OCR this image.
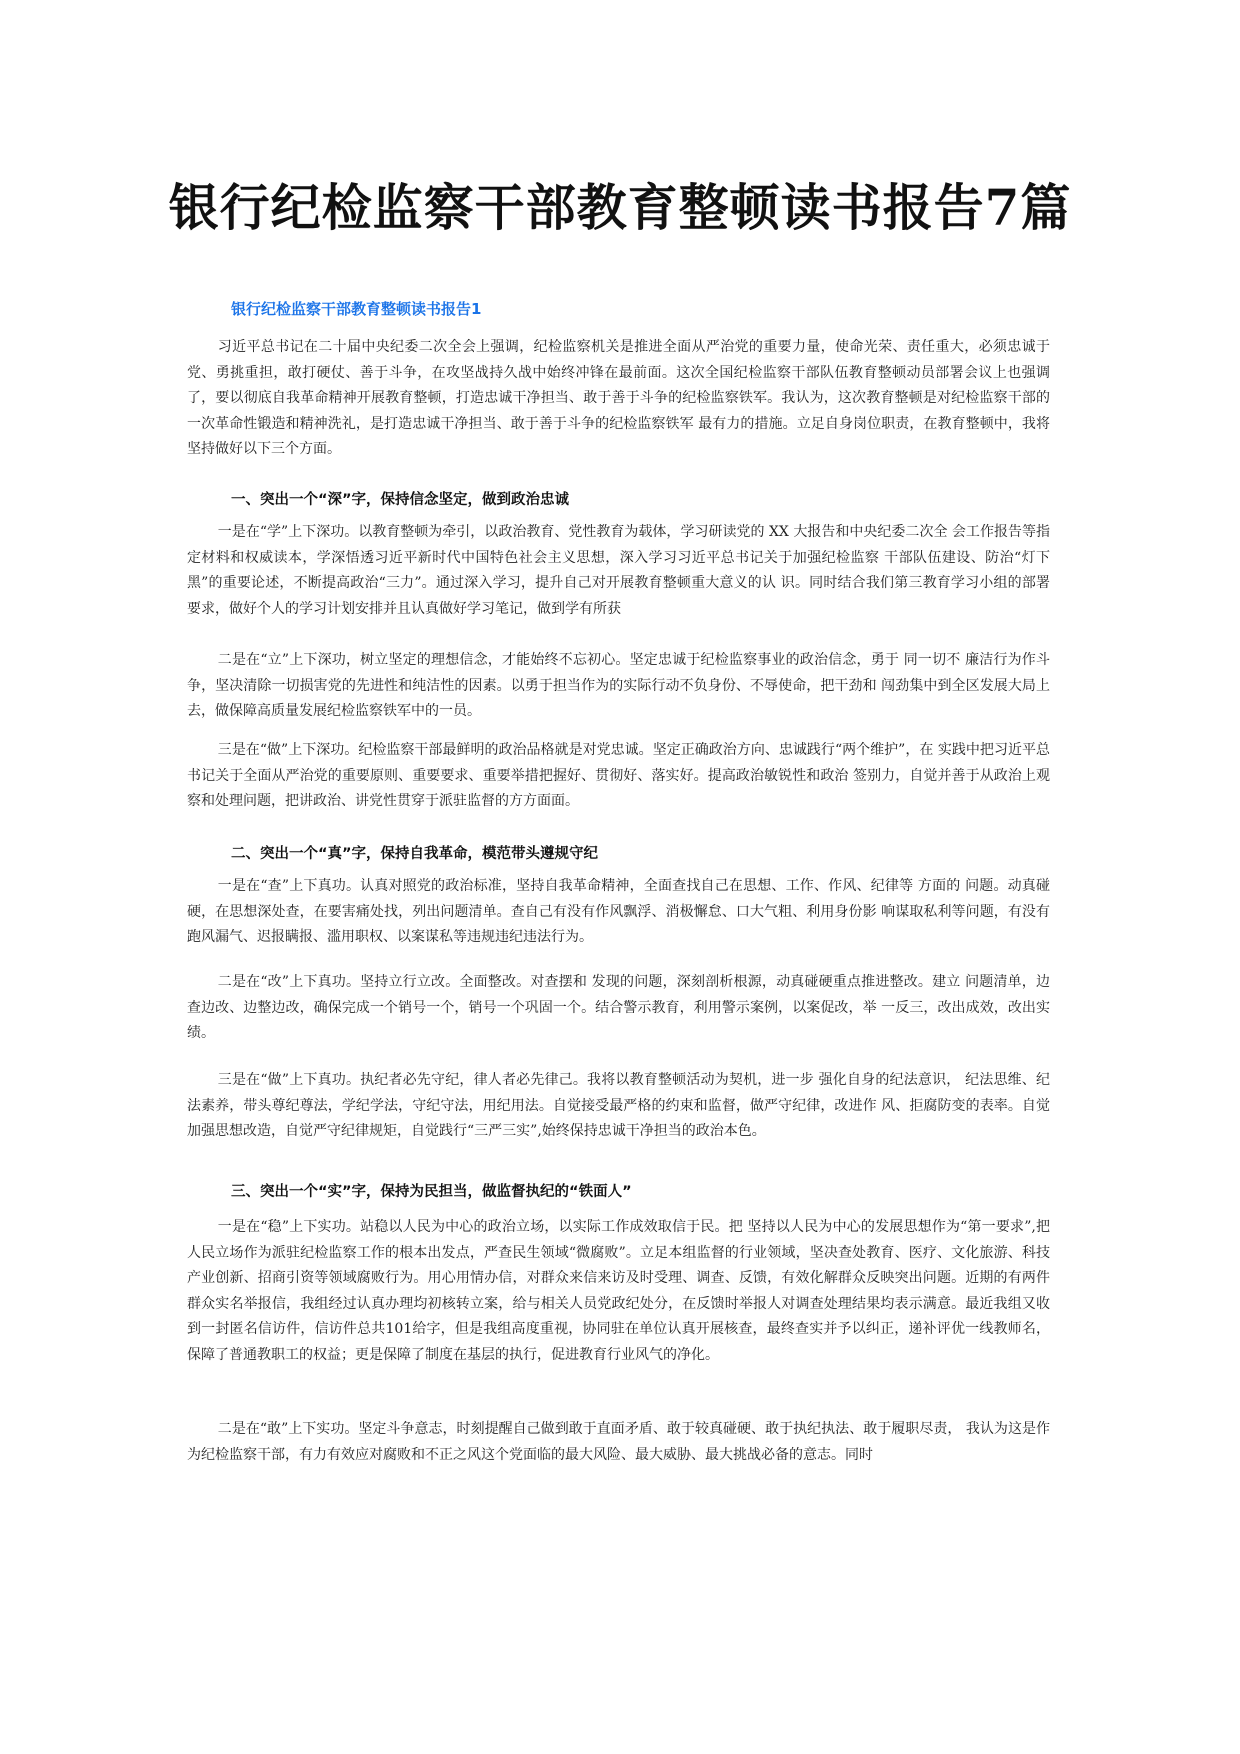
银行纪检监察干部教育整顿读书报告7篇
银行纪检监察干部教育整顿读书报告1

习近平总书记在二十届中央纪委二次全会上强调，纪检监察机关是推进全面从严治党的重要力量，使命光荣、责任重大，必须忠诚于党、勇挑重担，敢打硬仗、善于斗争，在攻坚战持久战中始终冲锋在最前面。这次全国纪检监察干部队伍教育整顿动员部署会议上也强调了，要以彻底自我革命精神开展教育整顿，打造忠诚干净担当、敢于善于斗争的纪检监察铁军。我认为，这次教育整顿是对纪检监察干部的一次革命性锻造和精神洗礼，是打造忠诚干净担当、敢于善于斗争的纪检监察铁军 最有力的措施。立足自身岗位职责，在教育整顿中，我将坚持做好以下三个方面。

一、突出一个“深”字，保持信念坚定，做到政治忠诚

一是在“学”上下深功。以教育整顿为牵引，以政治教育、党性教育为载体，学习研读党的 XX 大报告和中央纪委二次全 会工作报告等指定材料和权威读本，学深悟透习近平新时代中国特色社会主义思想，深入学习习近平总书记关于加强纪检监察 干部队伍建设、防治“灯下黑”的重要论述，不断提高政治“三力”。通过深入学习，提升自己对开展教育整顿重大意义的认 识。同时结合我们第三教育学习小组的部署要求，做好个人的学习计划安排并且认真做好学习笔记，做到学有所获

二是在“立”上下深功，树立坚定的理想信念，才能始终不忘初心。坚定忠诚于纪检监察事业的政治信念，勇于 同一切不 廉洁行为作斗争，坚决清除一切损害党的先进性和纯洁性的因素。以勇于担当作为的实际行动不负身份、不辱使命，把干劲和 闯劲集中到全区发展大局上去，做保障高质量发展纪检监察铁军中的一员。

三是在“做”上下深功。纪检监察干部最鲜明的政治品格就是对党忠诚。坚定正确政治方向、忠诚践行“两个维护”，在 实践中把习近平总书记关于全面从严治党的重要原则、重要要求、重要举措把握好、贯彻好、落实好。提高政治敏锐性和政治 签别力，自觉并善于从政治上观察和处理问题，把讲政治、讲党性贯穿于派驻监督的方方面面。

二、突出一个“真”字，保持自我革命，模范带头遵规守纪

一是在“查”上下真功。认真对照党的政治标准，坚持自我革命精神，全面查找自己在思想、工作、作风、纪律等 方面的 问题。动真碰硬，在思想深处查，在要害痛处找，列出问题清单。查自己有没有作风飘浮、消极懈怠、口大气粗、利用身份影 响谋取私利等问题，有没有跑风漏气、迟报瞒报、滥用职权、以案谋私等违规违纪违法行为。

二是在“改”上下真功。坚持立行立改。全面整改。对查摆和 发现的问题，深刻剖析根源，动真碰硬重点推进整改。建立 问题清单，边查边改、边整边改，确保完成一个销号一个，销号一个巩固一个。结合警示教育，利用警示案例，以案促改，举 一反三，改出成效，改出实绩。

三是在“做”上下真功。执纪者必先守纪，律人者必先律己。我将以教育整顿活动为契机，进一步 强化自身的纪法意识， 纪法思维、纪法素养，带头尊纪尊法，学纪学法，守纪守法，用纪用法。自觉接受最严格的约束和监督，做严守纪律，改进作 风、拒腐防变的表率。自觉加强思想改造，自觉严守纪律规矩，自觉践行“三严三实”,始终保持忠诚干净担当的政治本色。

三、突出一个“实”字，保持为民担当，做监督执纪的“铁面人”

一是在“稳”上下实功。站稳以人民为中心的政治立场，以实际工作成效取信于民。把 坚持以人民为中心的发展思想作为“第一要求”,把人民立场作为派驻纪检监察工作的根本出发点，严查民生领域“微腐败”。立足本组监督的行业领域，坚决查处教育、医疗、文化旅游、科技产业创新、招商引资等领域腐败行为。用心用情办信，对群众来信来访及时受理、调查、反馈，有效化解群众反映突出问题。近期的有两件群众实名举报信，我组经过认真办理均初核转立案，给与相关人员党政纪处分，在反馈时举报人对调查处理结果均表示满意。最近我组又收到一封匿名信访件，信访件总共101给字，但是我组高度重视，协同驻在单位认真开展核查，最终查实并予以纠正，递补评优一线教师名，保障了普通教职工的权益；更是保障了制度在基层的执行，促进教育行业风气的净化。

二是在“敢”上下实功。坚定斗争意志，时刻提醒自己做到敢于直面矛盾、敢于较真碰硬、敢于执纪执法、敢于履职尽责， 我认为这是作为纪检监察干部，有力有效应对腐败和不正之风这个党面临的最大风险、最大威胁、最大挑战必备的意志。同时
